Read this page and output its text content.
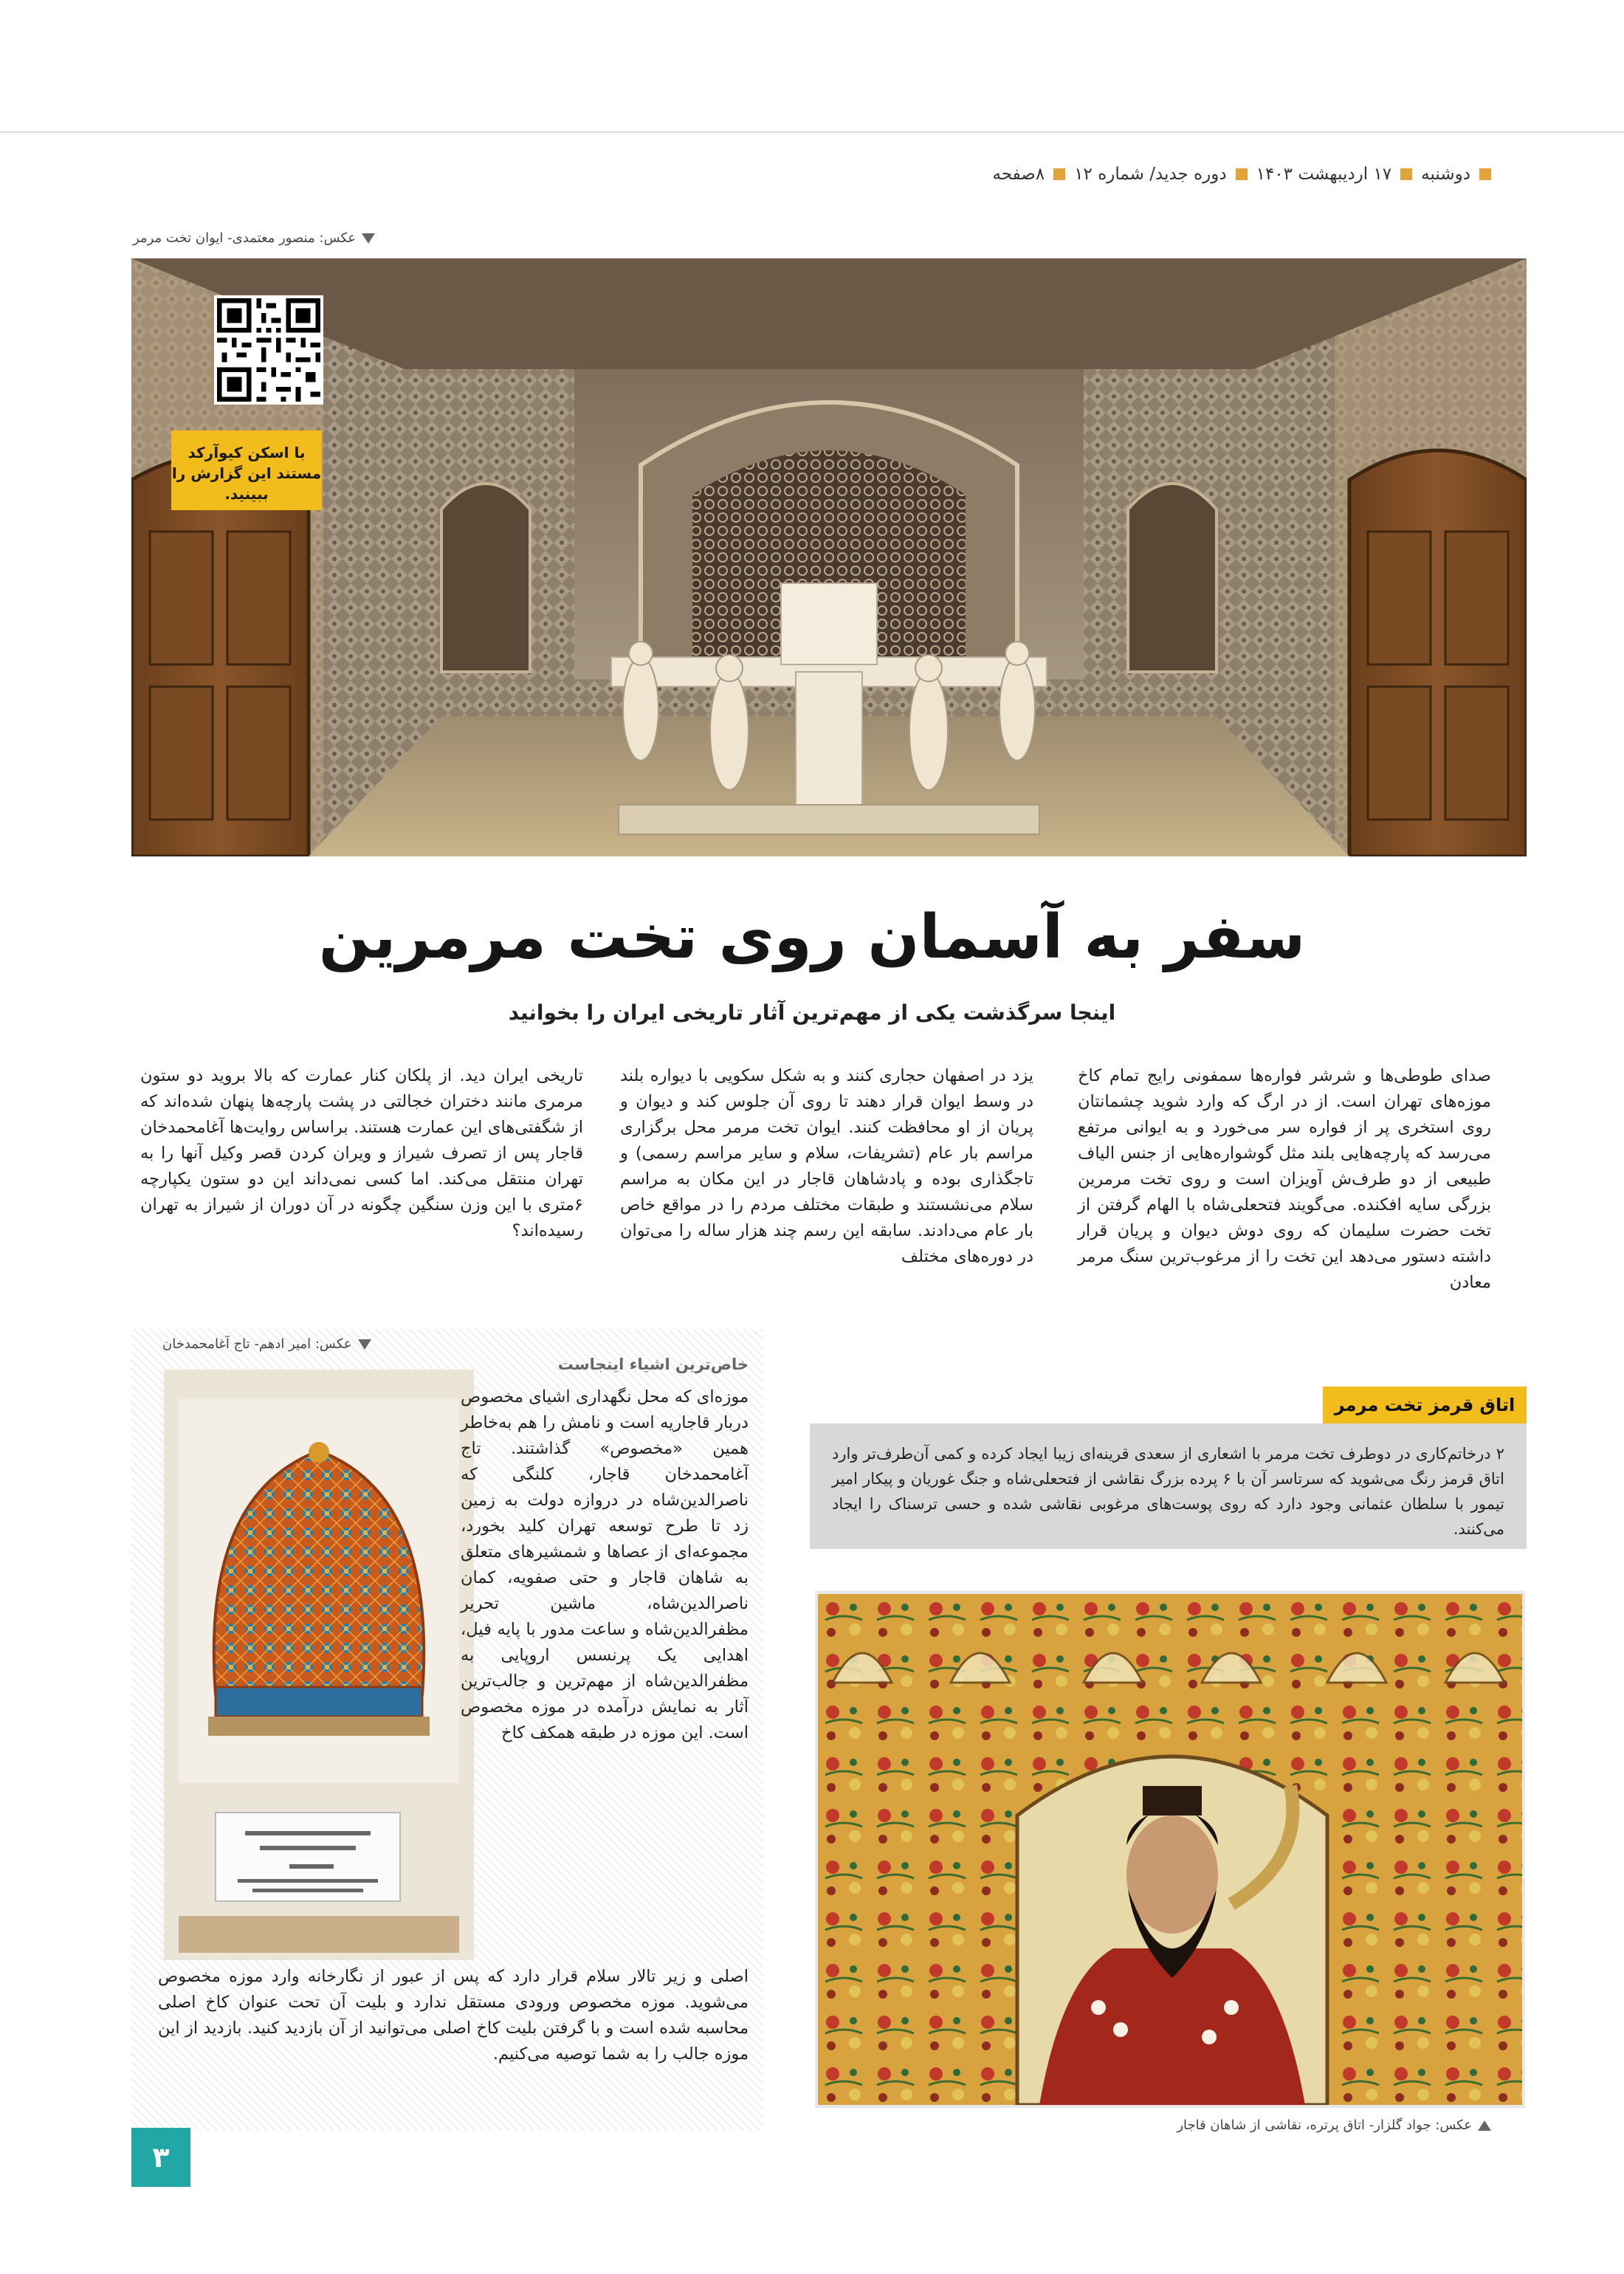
دوشنبه
۱۷ اردیبهشت ۱۴۰۳
دوره جدید/ شماره ۱۲
۸صفحه
عکس: منصور معتمدی- ایوان تخت مرمر
با اسکن کیوآرکد مستند این گزارش را ببینید.
سفر به آسمان روی تخت مرمرین
اینجا سرگذشت یکی از مهم‌ترین آثار تاریخی ایران را بخوانید
صدای طوطی‌ها و شرشر فواره‌ها سمفونی رایج تمام کاخ موزه‌های تهران است. از در ارگ که وارد شوید چشمانتان روی استخری پر از فواره سر می‌خورد و به ایوانی مرتفع می‌رسد که پارچه‌هایی بلند مثل گوشواره‌هایی از جنس الیاف طبیعی از دو طرف‌ش آویزان است و روی تخت مرمرین بزرگی سایه افکنده. می‌گویند فتحعلی‌شاه با الهام گرفتن از تخت حضرت سلیمان که روی دوش دیوان و پریان قرار داشته دستور می‌دهد این تخت را از مرغوب‌ترین سنگ مرمر معادن
یزد در اصفهان حجاری کنند و به شکل سکویی با دیواره بلند در وسط ایوان قرار دهند تا روی آن جلوس کند و دیوان و پریان از او محافظت کنند. ایوان تخت مرمر محل برگزاری مراسم بار عام (تشریفات، سلام و سایر مراسم رسمی) و تاجگذاری بوده و پادشاهان قاجار در این مکان به مراسم سلام می‌نشستند و طبقات مختلف مردم را در مواقع خاص بار عام می‌دادند. سابقه این رسم چند هزار ساله را می‌توان در دوره‌های مختلف
تاریخی ایران دید. از پلکان کنار عمارت که بالا بروید دو ستون مرمری مانند دختران خجالتی در پشت پارچه‌ها پنهان شده‌اند که از شگفتی‌های این عمارت هستند. براساس روایت‌ها آغامحمدخان قاجار پس از تصرف شیراز و ویران کردن قصر وکیل آنها را به تهران منتقل می‌کند. اما کسی نمی‌داند این دو ستون یکپارچه ۶متری با این وزن سنگین چگونه در آن دوران از شیراز به تهران رسیده‌اند؟
عکس: امیر ادهم- تاج آغامحمدخان
خاص‌ترین اشیاء اینجاست
موزه‌ای که محل نگهداری اشیای مخصوص دربار قاجاریه است و نامش را هم به‌خاطر همین «مخصوص» گذاشتند. تاج آغامحمدخان قاجار، کلنگی که ناصرالدین‌شاه در دروازه دولت به زمین زد تا طرح توسعه تهران کلید بخورد، مجموعه‌ای از عصاها و شمشیرهای متعلق به شاهان قاجار و حتی صفویه، کمان ناصرالدین‌شاه، ماشین تحریر مظفرالدین‌شاه و ساعت مدور با پایه فیل، اهدایی یک پرنسس اروپایی به مظفرالدین‌شاه از مهم‌ترین و جالب‌ترین آثار به نمایش درآمده در موزه مخصوص است. این موزه در طبقه همکف کاخ
اصلی و زیر تالار سلام قرار دارد که پس از عبور از نگارخانه وارد موزه مخصوص می‌شوید. موزه مخصوص ورودی مستقل ندارد و بلیت آن تحت عنوان کاخ اصلی محاسبه شده است و با گرفتن بلیت کاخ اصلی می‌توانید از آن بازدید کنید. بازدید از این موزه جالب را به شما توصیه می‌کنیم.
اتاق قرمز تخت مرمر
۲ درخاتم‌کاری در دوطرف تخت مرمر با اشعاری از سعدی قرینه‌ای زیبا ایجاد کرده و کمی آن‌طرف‌تر وارد اتاق قرمز رنگ می‌شوید که سرتاسر آن با ۶ پرده بزرگ نقاشی از فتحعلی‌شاه و جنگ غوریان و پیکار امیر تیمور با سلطان عثمانی وجود دارد که روی پوست‌های مرغوبی نقاشی شده و حسی ترسناک را ایجاد می‌کنند.
عکس: جواد گلزار- اتاق پرتره، نقاشی از شاهان قاجار
۳
